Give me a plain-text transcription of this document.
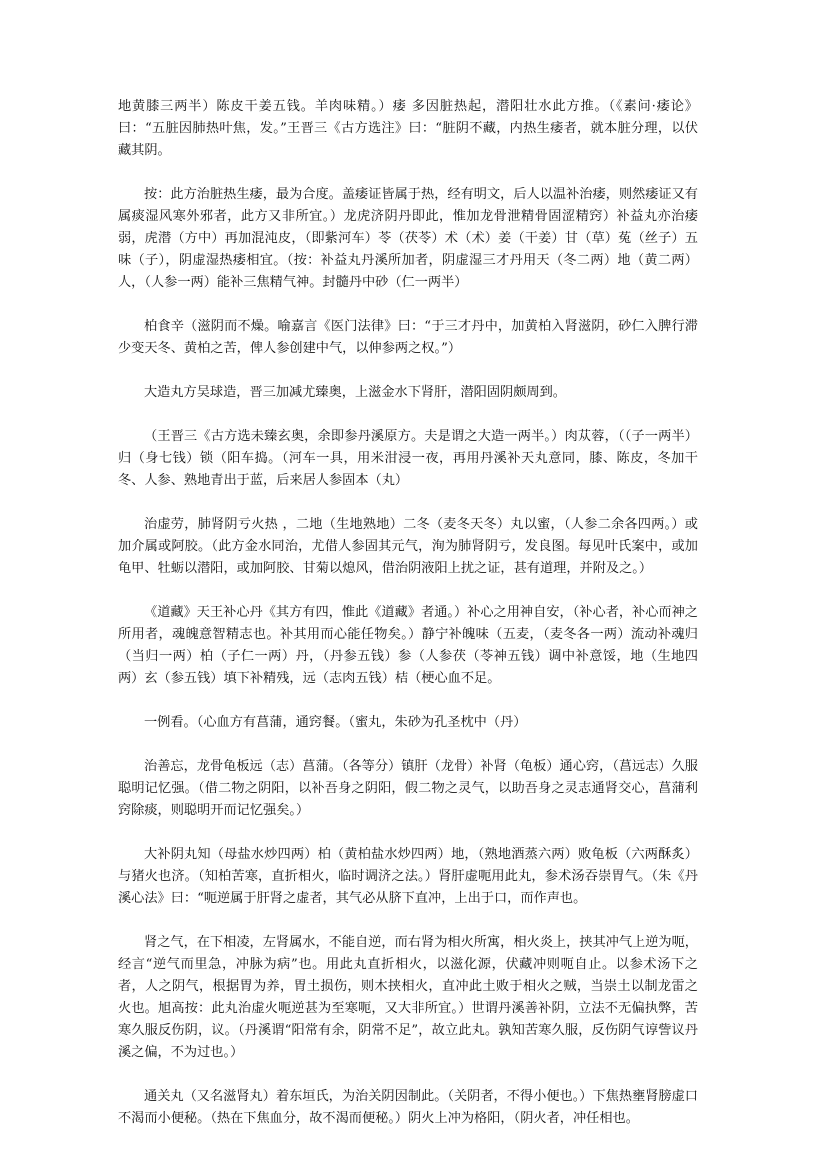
地黄膝三两半）陈皮干姜五钱。羊肉味精。）痿 多因脏热起，潜阳壮水此方推。（《素问·痿论》曰：“五脏因肺热叶焦，发。”王晋三《古方选注》曰：“脏阴不藏，内热生痿者，就本脏分理，以伏藏其阴。

按：此方治脏热生痿，最为合度。盖痿证皆属于热，经有明文，后人以温补治痿，则然痿证又有属痰湿风寒外邪者，此方又非所宜。）龙虎济阴丹即此，惟加龙骨泄精骨固涩精窍）补益丸亦治痿弱，虎潜（方中）再加混沌皮，（即紫河车）苓（茯苓）术（术）姜（干姜）甘（草）菟（丝子）五味（子），阴虚湿热痿相宜。（按：补益丸丹溪所加者，阴虚湿三才丹用天（冬二两）地（黄二两）人，（人参一两）能补三焦精气神。封髓丹中砂（仁一两半）

柏食辛（滋阴而不燥。喻嘉言《医门法律》曰：“于三才丹中，加黄柏入肾滋阴，砂仁入脾行滞少变天冬、黄柏之苦，俾人参创建中气，以伸参两之权。”）

大造丸方吴球造，晋三加减尤臻奥，上滋金水下肾肝，潜阳固阴颇周到。

（王晋三《古方选未臻玄奥，余即参丹溪原方。夫是谓之大造一两半。）肉苁蓉，（（子一两半）归（身七钱）锁（阳车捣。（河车一具，用米泔浸一夜，再用丹溪补天丸意同，膝、陈皮，冬加干冬、人参、熟地青出于蓝，后来居人参固本（丸）

治虚劳，肺肾阴亏火热 ，二地（生地熟地）二冬（麦冬天冬）丸以蜜，（人参二余各四两。）或加介属或阿胶。（此方金水同治，尤借人参固其元气，洵为肺肾阴亏，发良图。每见叶氏案中，或加龟甲、牡蛎以潜阳，或加阿胶、甘菊以熄风，借治阴液阳上扰之证，甚有道理，并附及之。）

《道藏》天王补心丹《其方有四，惟此《道藏》者通。）补心之用神自安，（补心者，补心而神之所用者，魂魄意智精志也。补其用而心能任物矣。）静宁补魄味（五麦，（麦冬各一两）流动补魂归（当归一两）柏（子仁一两）丹，（丹参五钱）参（人参茯（苓神五钱）调中补意馁，地（生地四两）玄（参五钱）填下补精残，远（志肉五钱）桔（梗心血不足。

一例看。（心血方有菖蒲，通窍餐。（蜜丸，朱砂为孔圣枕中（丹）

治善忘，龙骨龟板远（志）菖蒲。（各等分）镇肝（龙骨）补肾（龟板）通心窍，（菖远志）久服聪明记忆强。（借二物之阴阳，以补吾身之阴阳，假二物之灵气，以助吾身之灵志通肾交心，菖蒲利窍除痰，则聪明开而记忆强矣。）

大补阴丸知（母盐水炒四两）柏（黄柏盐水炒四两）地，（熟地酒蒸六两）败龟板（六两酥炙）与猪火也济。（知柏苦寒，直折相火，临时调济之法。）肾肝虚呃用此丸，参术汤吞崇胃气。（朱《丹溪心法》曰：“呃逆属于肝肾之虚者，其气必从脐下直冲，上出于口，而作声也。

肾之气，在下相凌，左肾属水，不能自逆，而右肾为相火所寓，相火炎上，挟其冲气上逆为呃，经言“逆气而里急，冲脉为病”也。用此丸直折相火，以滋化源，伏藏冲则呃自止。以参术汤下之者，人之阴气，根据胃为养，胃土损伤，则木挟相火，直冲此土败于相火之贼，当崇土以制龙雷之火也。旭高按：此丸治虚火呃逆甚为至寒呃，又大非所宜。）世谓丹溪善补阴，立法不无偏执弊，苦寒久服反伤阴，议。（丹溪谓“阳常有余，阴常不足”，故立此丸。孰知苦寒久服，反伤阴气谆訾议丹溪之偏，不为过也。）

通关丸（又名滋肾丸）着东垣氏，为治关阴因制此。（关阴者，不得小便也。）下焦热壅肾膀虚口不渴而小便秘。（热在下焦血分，故不渴而便秘。）阴火上冲为格阳，（阴火者，冲任相也。
